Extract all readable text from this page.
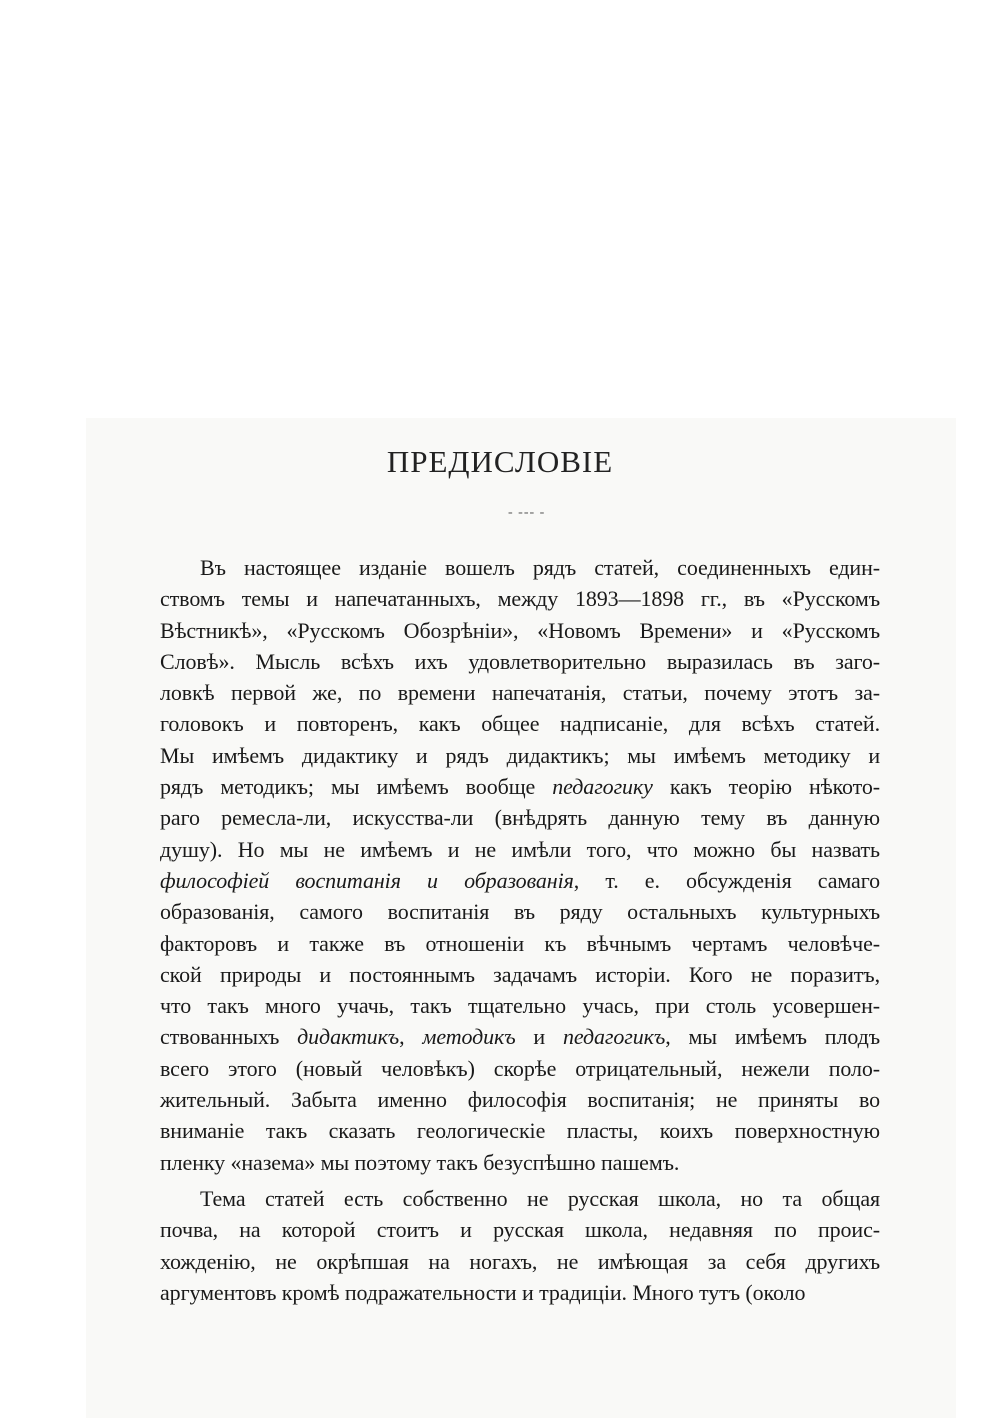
ПРЕДИСЛОВІЕ
- --- -
Въ настоящее изданіе вошелъ рядъ статей, соединенныхъ един-
ствомъ темы и напечатанныхъ, между 1893—1898 гг., въ «Русскомъ
Вѣстникѣ», «Русскомъ Обозрѣніи», «Новомъ Времени» и «Русскомъ
Словѣ». Мысль всѣхъ ихъ удовлетворительно выразилась въ заго-
ловкѣ первой же, по времени напечатанія, статьи, почему этотъ за-
головокъ и повторенъ, какъ общее надписаніе, для всѣхъ статей.
Мы имѣемъ дидактику и рядъ дидактикъ; мы имѣемъ методику и
рядъ методикъ; мы имѣемъ вообще педагогику какъ теорію нѣкото-
раго ремесла-ли, искусства-ли (внѣдрять данную тему въ данную
душу). Но мы не имѣемъ и не имѣли того, что можно бы назвать
философіей воспитанія и образованія, т. е. обсужденія самаго
образованія, самого воспитанія въ ряду остальныхъ культурныхъ
факторовъ и также въ отношеніи къ вѣчнымъ чертамъ человѣче-
ской природы и постояннымъ задачамъ исторіи. Кого не поразитъ,
что такъ много учачь, такъ тщательно учась, при столь усовершен-
ствованныхъ дидактикъ, методикъ и педагогикъ, мы имѣемъ плодъ
всего этого (новый человѣкъ) скорѣе отрицательный, нежели поло-
жительный. Забыта именно философія воспитанія; не приняты во
вниманіе такъ сказать геологическіе пласты, коихъ поверхностную
пленку «назема» мы поэтому такъ безуспѣшно пашемъ.
Тема статей есть собственно не русская школа, но та общая
почва, на которой стоитъ и русская школа, недавняя по проис-
хожденію, не окрѣпшая на ногахъ, не имѣющая за себя другихъ
аргументовъ кромѣ подражательности и традиціи. Много тутъ (около
